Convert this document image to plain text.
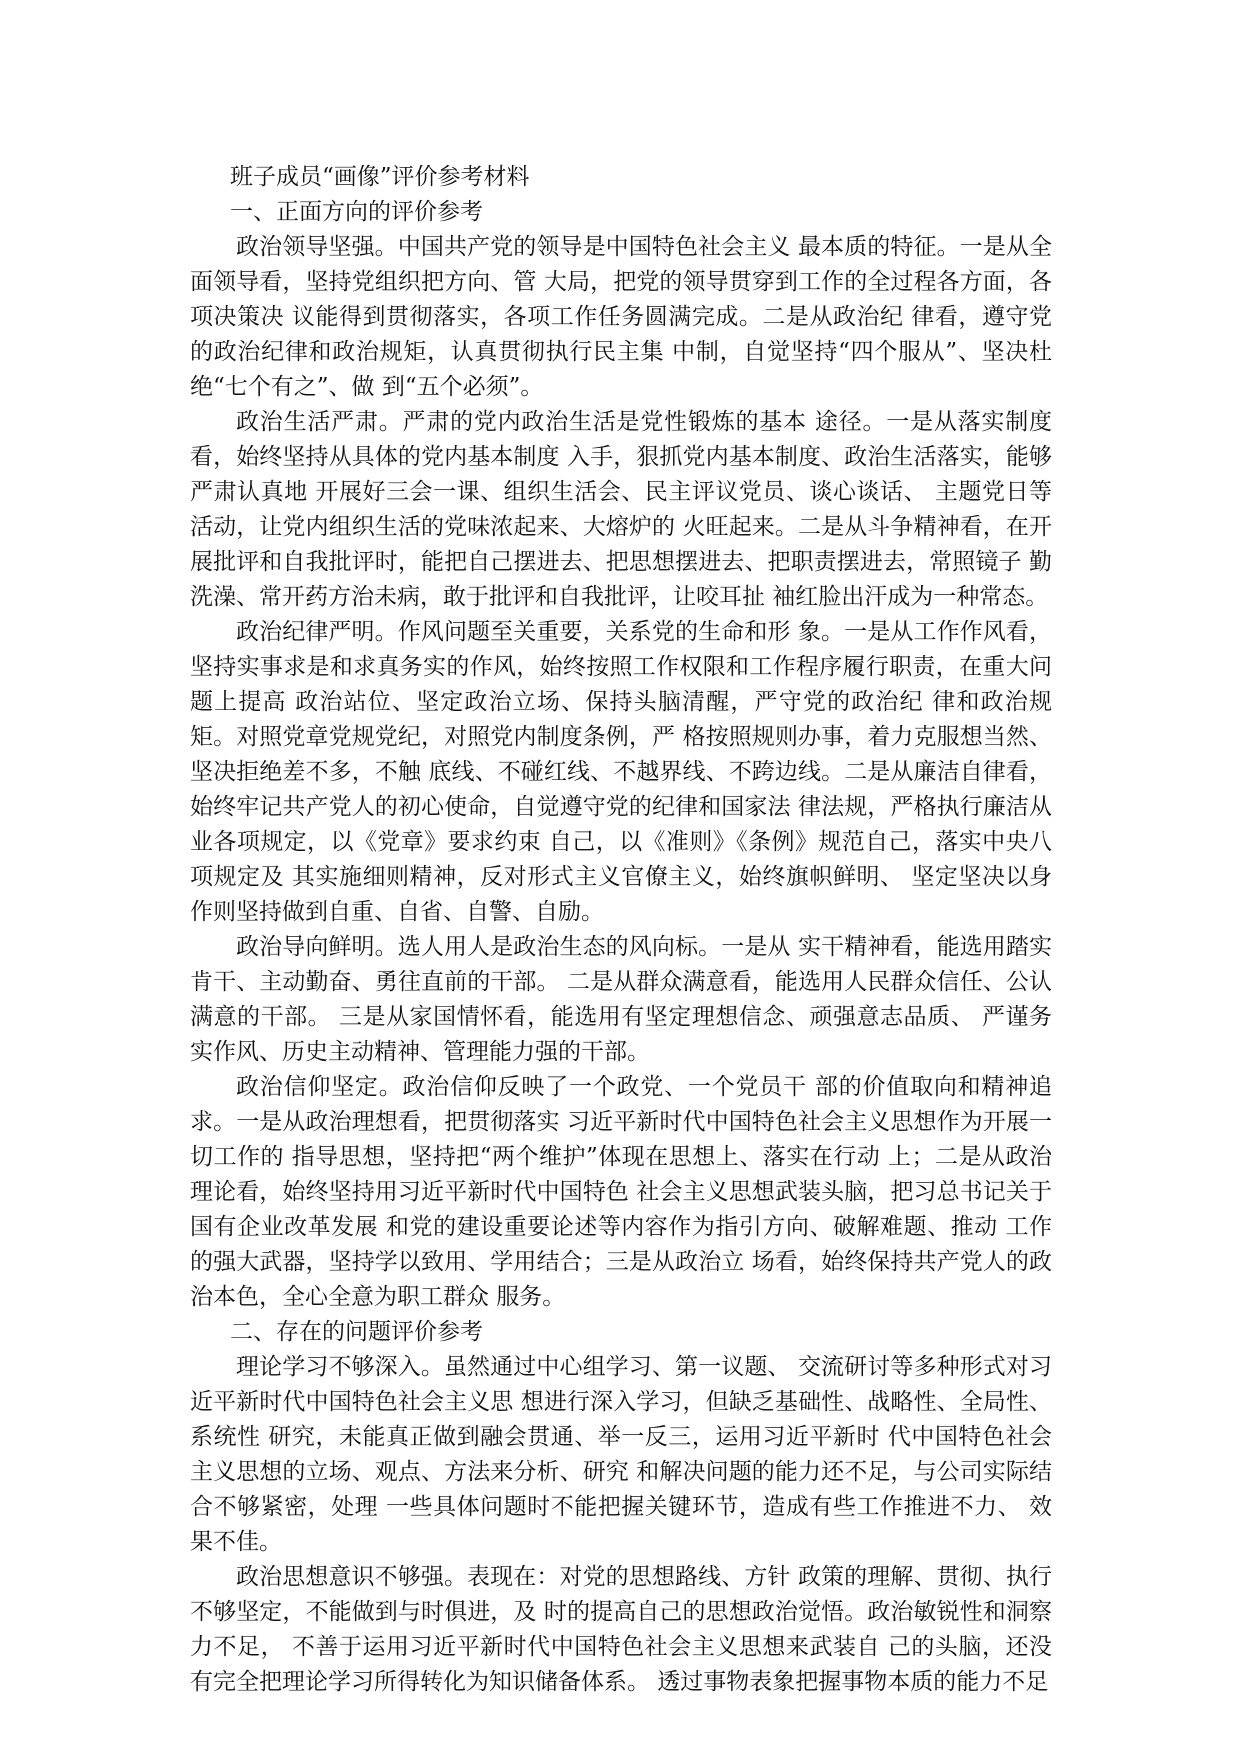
班子成员“画像”评价参考材料

一、正面方向的评价参考

政治领导坚强。中国共产党的领导是中国特色社会主义 最本质的特征。一是从全面领导看，坚持党组织把方向、管 大局，把党的领导贯穿到工作的全过程各方面，各项决策决 议能得到贯彻落实，各项工作任务圆满完成。二是从政治纪 律看，遵守党的政治纪律和政治规矩，认真贯彻执行民主集 中制，自觉坚持“四个服从”、坚决杜绝“七个有之”、做 到“五个必须”。

政治生活严肃。严肃的党内政治生活是党性锻炼的基本 途径。一是从落实制度看，始终坚持从具体的党内基本制度 入手，狠抓党内基本制度、政治生活落实，能够严肃认真地 开展好三会一课、组织生活会、民主评议党员、谈心谈话、 主题党日等活动，让党内组织生活的党味浓起来、大熔炉的 火旺起来。二是从斗争精神看，在开展批评和自我批评时，能把自己摆进去、把思想摆进去、把职责摆进去，常照镜子 勤洗澡、常开药方治未病，敢于批评和自我批评，让咬耳扯 袖红脸出汗成为一种常态。

政治纪律严明。作风问题至关重要，关系党的生命和形 象。一是从工作作风看，坚持实事求是和求真务实的作风，始终按照工作权限和工作程序履行职责，在重大问题上提高 政治站位、坚定政治立场、保持头脑清醒，严守党的政治纪 律和政治规矩。对照党章党规党纪，对照党内制度条例，严 格按照规则办事，着力克服想当然、坚决拒绝差不多，不触 底线、不碰红线、不越界线、不跨边线。二是从廉洁自律看， 始终牢记共产党人的初心使命，自觉遵守党的纪律和国家法 律法规，严格执行廉洁从业各项规定，以《党章》要求约束 自己，以《准则》《条例》规范自己，落实中央八项规定及 其实施细则精神，反对形式主义官僚主义，始终旗帜鲜明、 坚定坚决以身作则坚持做到自重、自省、自警、自励。

政治导向鲜明。选人用人是政治生态的风向标。一是从 实干精神看，能选用踏实肯干、主动勤奋、勇往直前的干部。 二是从群众满意看，能选用人民群众信任、公认满意的干部。 三是从家国情怀看，能选用有坚定理想信念、顽强意志品质、 严谨务实作风、历史主动精神、管理能力强的干部。

政治信仰坚定。政治信仰反映了一个政党、一个党员干 部的价值取向和精神追求。一是从政治理想看，把贯彻落实 习近平新时代中国特色社会主义思想作为开展一切工作的 指导思想，坚持把“两个维护”体现在思想上、落实在行动 上；二是从政治理论看，始终坚持用习近平新时代中国特色 社会主义思想武装头脑，把习总书记关于国有企业改革发展 和党的建设重要论述等内容作为指引方向、破解难题、推动 工作的强大武器，坚持学以致用、学用结合；三是从政治立 场看，始终保持共产党人的政治本色，全心全意为职工群众 服务。

二、存在的问题评价参考

理论学习不够深入。虽然通过中心组学习、第一议题、 交流研讨等多种形式对习近平新时代中国特色社会主义思 想进行深入学习，但缺乏基础性、战略性、全局性、系统性 研究，未能真正做到融会贯通、举一反三，运用习近平新时 代中国特色社会主义思想的立场、观点、方法来分析、研究 和解决问题的能力还不足，与公司实际结合不够紧密，处理 一些具体问题时不能把握关键环节，造成有些工作推进不力、 效果不佳。

政治思想意识不够强。表现在：对党的思想路线、方针 政策的理解、贯彻、执行不够坚定，不能做到与时俱进，及 时的提高自己的思想政治觉悟。政治敏锐性和洞察力不足， 不善于运用习近平新时代中国特色社会主义思想来武装自 己的头脑，还没有完全把理论学习所得转化为知识储备体系。 透过事物表象把握事物本质的能力不足
